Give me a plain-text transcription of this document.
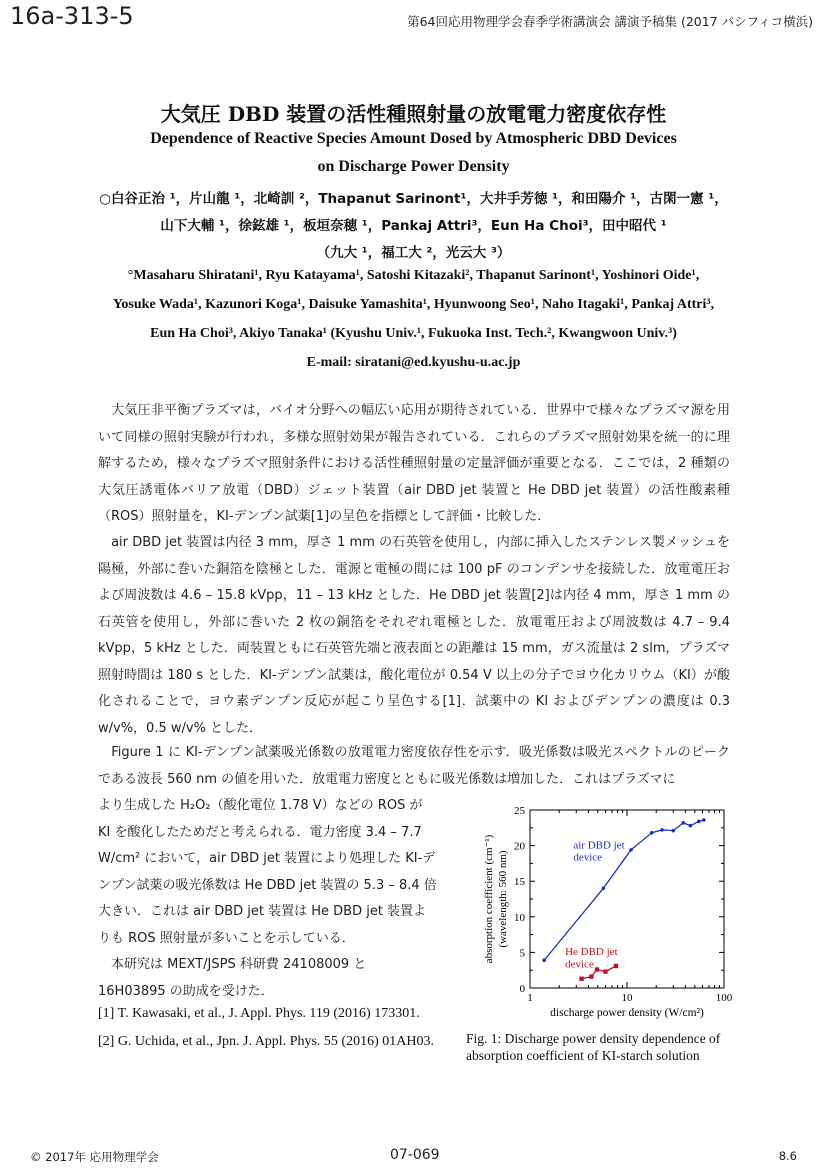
16a-313-5	第64回応用物理学会春季学術講演会 講演予稿集 (2017 パシフィコ横浜)
大気圧 DBD 装置の活性種照射量の放電電力密度依存性
Dependence of Reactive Species Amount Dosed by Atmospheric DBD Devices
on Discharge Power Density
○白谷正治 ¹，片山龍 ¹，北崎訓 ²，Thapanut Sarinont¹，大井手芳徳 ¹，和田陽介 ¹，古閑一憲 ¹，
山下大輔 ¹，徐鉉雄 ¹，板垣奈穂 ¹，Pankaj Attri³，Eun Ha Choi³，田中昭代 ¹
（九大 ¹，福工大 ²，光云大 ³）
°Masaharu Shiratani¹, Ryu Katayama¹, Satoshi Kitazaki², Thapanut Sarinont¹, Yoshinori Oide¹,
Yosuke Wada¹, Kazunori Koga¹, Daisuke Yamashita¹, Hyunwoong Seo¹, Naho Itagaki¹, Pankaj Attri³,
Eun Ha Choi³, Akiyo Tanaka¹ (Kyushu Univ.¹, Fukuoka Inst. Tech.², Kwangwoon Univ.³)
E-mail: siratani@ed.kyushu-u.ac.jp

　大気圧非平衡プラズマは，バイオ分野への幅広い応用が期待されている．世界中で様々なプラズマ源を用いて同様の照射実験が行われ，多様な照射効果が報告されている．これらのプラズマ照射効果を統一的に理解するため，様々なプラズマ照射条件における活性種照射量の定量評価が重要となる．ここでは，2 種類の大気圧誘電体バリア放電（DBD）ジェット装置（air DBD jet 装置と He DBD jet 装置）の活性酸素種（ROS）照射量を，KI-デンプン試薬[1]の呈色を指標として評価・比較した．

　air DBD jet 装置は内径 3 mm，厚さ 1 mm の石英管を使用し，内部に挿入したステンレス製メッシュを陽極，外部に巻いた銅箔を陰極とした．電源と電極の間には 100 pF のコンデンサを接続した．放電電圧および周波数は 4.6 – 15.8 kVpp，11 – 13 kHz とした．He DBD jet 装置[2]は内径 4 mm，厚さ 1 mm の石英管を使用し，外部に巻いた 2 枚の銅箔をそれぞれ電極とした．放電電圧および周波数は 4.7 – 9.4 kVpp，5 kHz とした．両装置ともに石英管先端と液表面との距離は 15 mm，ガス流量は 2 slm，プラズマ照射時間は 180 s とした．KI-デンプン試薬は，酸化電位が 0.54 V 以上の分子でヨウ化カリウム（KI）が酸化されることで，ヨウ素デンプン反応が起こり呈色する[1]．試薬中の KI およびデンプンの濃度は 0.3 w/v%，0.5 w/v% とした．

　Figure 1 に KI-デンプン試薬吸光係数の放電電力密度依存性を示す．吸光係数は吸光スペクトルのピークである波長 560 nm の値を用いた．放電電力密度とともに吸光係数は増加した．これはプラズマに

より生成した H₂O₂（酸化電位 1.78 V）などの ROS が KI を酸化したためだと考えられる．電力密度 3.4 – 7.7 W/cm² において，air DBD jet 装置により処理した KI-デンプン試薬の吸光係数は He DBD jet 装置の 5.3 – 8.4 倍大きい．これは air DBD jet 装置は He DBD jet 装置よりも ROS 照射量が多いことを示している．
　本研究は MEXT/JSPS 科研費 24108009 と 16H03895 の助成を受けた．
[1] T. Kawasaki, et al., J. Appl. Phys. 119 (2016) 173301.
[2] G. Uchida, et al., Jpn. J. Appl. Phys. 55 (2016) 01AH03.
0
5
10
15
20
25
1	10	100
discharge power density (W/cm²)
absorption coefficient (cm⁻¹) (wavelength: 560 nm)
air DBD jet
device
He DBD jet
device
Fig. 1: Discharge power density dependence of absorption coefficient of KI-starch solution
© 2017年 応用物理学会	07-069	8.6
